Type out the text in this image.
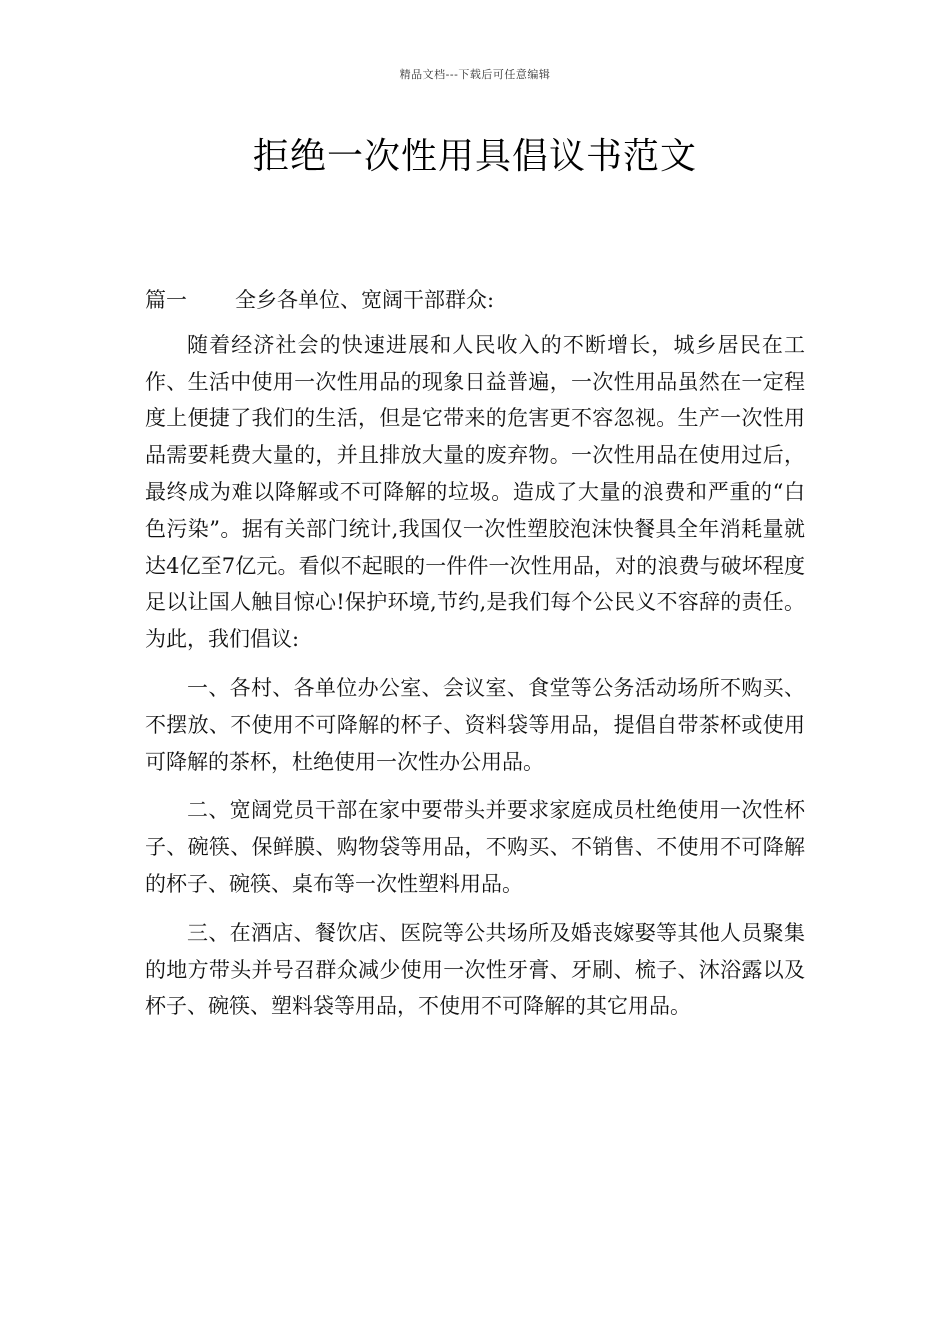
精品文档---下载后可任意编辑
拒绝一次性用具倡议书范文

篇一 全乡各单位、宽阔干部群众:

随着经济社会的快速进展和人民收入的不断增长，城乡居民在工作、生活中使用一次性用品的现象日益普遍，一次性用品虽然在一定程度上便捷了我们的生活，但是它带来的危害更不容忽视。生产一次性用品需要耗费大量的，并且排放大量的废弃物。一次性用品在使用过后，最终成为难以降解或不可降解的垃圾。造成了大量的浪费和严重的“白色污染”。据有关部门统计,我国仅一次性塑胶泡沫快餐具全年消耗量就达4亿至7亿元。看似不起眼的一件件一次性用品，对的浪费与破坏程度足以让国人触目惊心!保护环境,节约,是我们每个公民义不容辞的责任。为此，我们倡议:

一、各村、各单位办公室、会议室、食堂等公务活动场所不购买、不摆放、不使用不可降解的杯子、资料袋等用品，提倡自带茶杯或使用可降解的茶杯，杜绝使用一次性办公用品。

二、宽阔党员干部在家中要带头并要求家庭成员杜绝使用一次性杯子、碗筷、保鲜膜、购物袋等用品，不购买、不销售、不使用不可降解的杯子、碗筷、桌布等一次性塑料用品。

三、在酒店、餐饮店、医院等公共场所及婚丧嫁娶等其他人员聚集的地方带头并号召群众减少使用一次性牙膏、牙刷、梳子、沐浴露以及杯子、碗筷、塑料袋等用品，不使用不可降解的其它用品。
